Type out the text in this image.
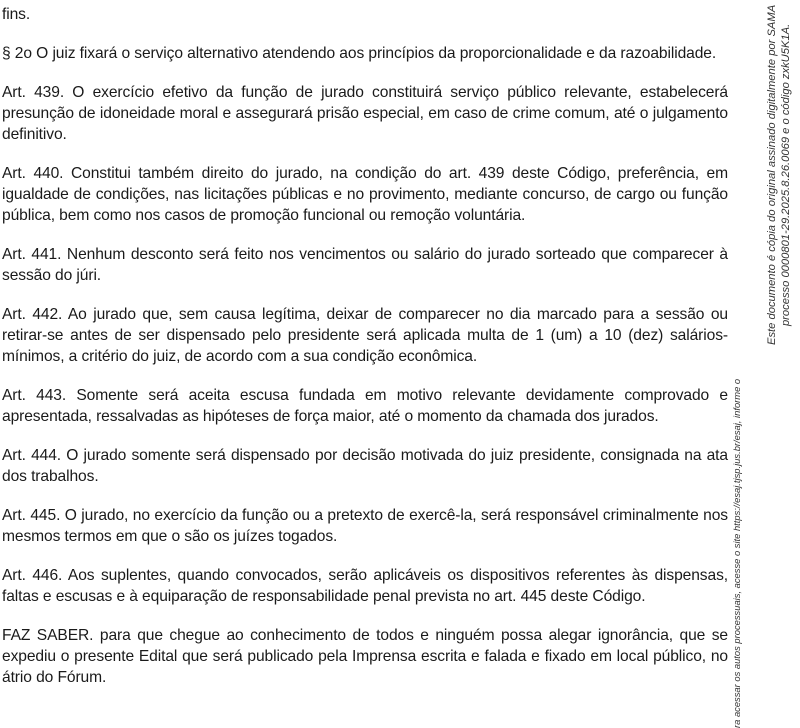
fins.

§ 2o O juiz fixará o serviço alternativo atendendo aos princípios da proporcionalidade e da razoabilidade.

Art. 439. O exercício efetivo da função de jurado constituirá serviço público relevante, estabelecerá presunção de idoneidade moral e assegurará prisão especial, em caso de crime comum, até o julgamento definitivo.

Art. 440. Constitui também direito do jurado, na condição do art. 439 deste Código, preferência, em igualdade de condições, nas licitações públicas e no provimento, mediante concurso, de cargo ou função pública, bem como nos casos de promoção funcional ou remoção voluntária.

Art. 441. Nenhum desconto será feito nos vencimentos ou salário do jurado sorteado que comparecer à sessão do júri.

Art. 442. Ao jurado que, sem causa legítima, deixar de comparecer no dia marcado para a sessão ou retirar-se antes de ser dispensado pelo presidente será aplicada multa de 1 (um) a 10 (dez) salários-mínimos, a critério do juiz, de acordo com a sua condição econômica.

Art. 443. Somente será aceita escusa fundada em motivo relevante devidamente comprovado e apresentada, ressalvadas as hipóteses de força maior, até o momento da chamada dos jurados.

Art. 444. O jurado somente será dispensado por decisão motivada do juiz presidente, consignada na ata dos trabalhos.

Art. 445. O jurado, no exercício da função ou a pretexto de exercê-la, será responsável criminalmente nos mesmos termos em que o são os juízes togados.

Art. 446. Aos suplentes, quando convocados, serão aplicáveis os dispositivos referentes às dispensas, faltas e escusas e à equiparação de responsabilidade penal prevista no art. 445 deste Código.

FAZ SABER. para que chegue ao conhecimento de todos e ninguém possa alegar ignorância, que se expediu o presente Edital que será publicado pela Imprensa escrita e falada e fixado em local público, no átrio do Fórum.	ra acessar os autos processuais, acesse o site https://esaj.tjsp.jus.br/esaj, informe o
Este documento é cópia do original assinado digitalmente por SAMA processo 0000801-29.2025.8.26.0069 e o código zxkU5K1A.
